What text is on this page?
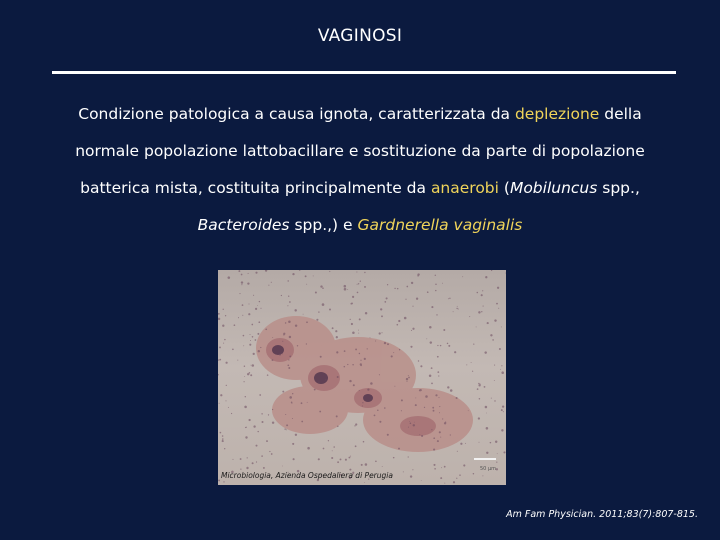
VAGINOSI
Condizione patologica a causa ignota, caratterizzata da deplezione della normale popolazione lattobacillare e sostituzione da parte di popolazione batterica mista, costituita principalmente da anaerobi (Mobiluncus spp., Bacteroides spp.,) e Gardnerella vaginalis
50 µm
Microbiologia, Azienda Ospedaliera di Perugia
Am Fam Physician. 2011;83(7):807-815.
